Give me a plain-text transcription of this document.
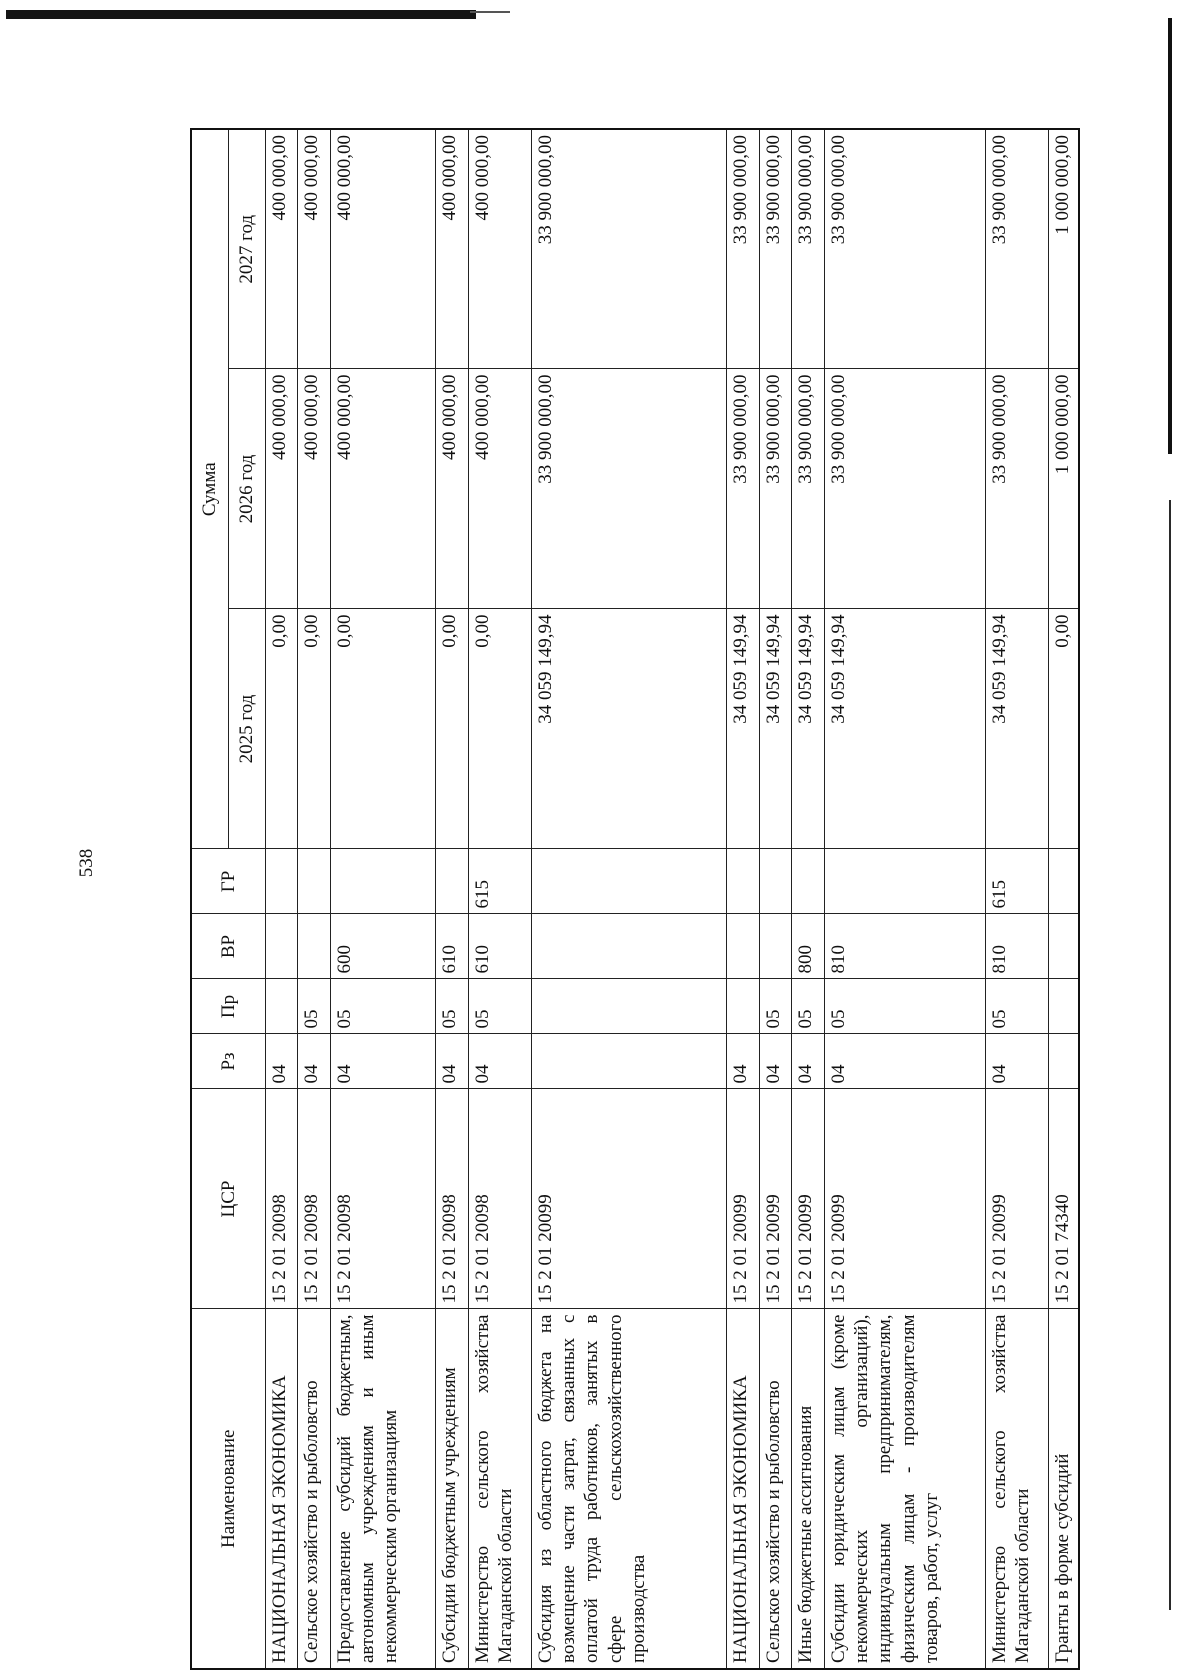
538
Наименование	ЦСР	Рз	Пр	ВР	ГР	Сумма		
						2025 год	2026 год	2027 год
НАЦИОНАЛЬНАЯ ЭКОНОМИКА	15 2 01 20098	04				0,00	400 000,00	400 000,00
Сельское хозяйство и рыболовство	15 2 01 20098	04	05			0,00	400 000,00	400 000,00
Предоставление субсидий бюджетным, автономным учреждениям и иным некоммерческим организациям	15 2 01 20098	04	05	600		0,00	400 000,00	400 000,00
Субсидии бюджетным учреждениям	15 2 01 20098	04	05	610		0,00	400 000,00	400 000,00
Министерство сельского хозяйства Магаданской области	15 2 01 20098	04	05	610	615	0,00	400 000,00	400 000,00
Субсидия из областного бюджета на возмещение части затрат, связанных с оплатой труда работников, занятых в сфере сельскохозяйственного производства	15 2 01 20099					34 059 149,94	33 900 000,00	33 900 000,00
НАЦИОНАЛЬНАЯ ЭКОНОМИКА	15 2 01 20099	04				34 059 149,94	33 900 000,00	33 900 000,00
Сельское хозяйство и рыболовство	15 2 01 20099	04	05			34 059 149,94	33 900 000,00	33 900 000,00
Иные бюджетные ассигнования	15 2 01 20099	04	05	800		34 059 149,94	33 900 000,00	33 900 000,00
Субсидии юридическим лицам (кроме некоммерческих организаций), индивидуальным предпринимателям, физическим лицам - производителям товаров, работ, услуг	15 2 01 20099	04	05	810		34 059 149,94	33 900 000,00	33 900 000,00
Министерство сельского хозяйства Магаданской области	15 2 01 20099	04	05	810	615	34 059 149,94	33 900 000,00	33 900 000,00
Гранты в форме субсидий	15 2 01 74340					0,00	1 000 000,00	1 000 000,00
